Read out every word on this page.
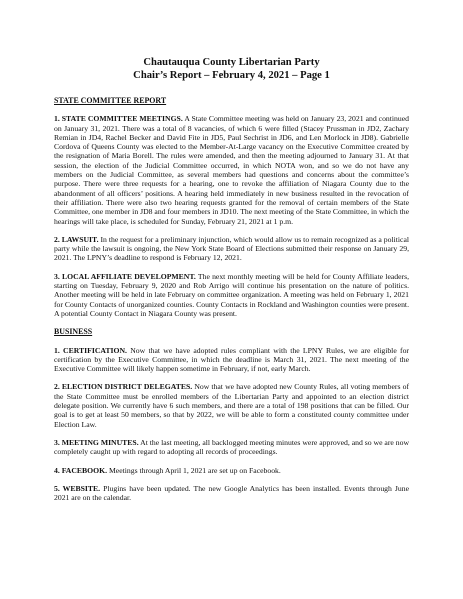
Chautauqua County Libertarian Party
Chair’s Report – February 4, 2021 – Page 1
STATE COMMITTEE REPORT

1. STATE COMMITTEE MEETINGS. A State Committee meeting was held on January 23, 2021 and continued on January 31, 2021. There was a total of 8 vacancies, of which 6 were filled (Stacey Prussman in JD2, Zachary Remian in JD4, Rachel Becker and David Fite in JD5, Paul Sechrist in JD6, and Len Morlock in JD8). Gabrielle Cordova of Queens County was elected to the Member-At-Large vacancy on the Executive Committee created by the resignation of Maria Borell. The rules were amended, and then the meeting adjourned to January 31. At that session, the election of the Judicial Committee occurred, in which NOTA won, and so we do not have any members on the Judicial Committee, as several members had questions and concerns about the committee’s purpose. There were three requests for a hearing, one to revoke the affiliation of Niagara County due to the abandonment of all officers’ positions. A hearing held immediately in new business resulted in the revocation of their affiliation. There were also two hearing requests granted for the removal of certain members of the State Committee, one member in JD8 and four members in JD10. The next meeting of the State Committee, in which the hearings will take place, is scheduled for Sunday, February 21, 2021 at 1 p.m.

2. LAWSUIT. In the request for a preliminary injunction, which would allow us to remain recognized as a political party while the lawsuit is ongoing, the New York State Board of Elections submitted their response on January 29, 2021. The LPNY’s deadline to respond is February 12, 2021.

3. LOCAL AFFILIATE DEVELOPMENT. The next monthly meeting will be held for County Affiliate leaders, starting on Tuesday, February 9, 2020 and Rob Arrigo will continue his presentation on the nature of politics. Another meeting will be held in late February on committee organization. A meeting was held on February 1, 2021 for County Contacts of unorganized counties. County Contacts in Rockland and Washington counties were present. A potential County Contact in Niagara County was present.

BUSINESS

1. CERTIFICATION. Now that we have adopted rules compliant with the LPNY Rules, we are eligible for certification by the Executive Committee, in which the deadline is March 31, 2021. The next meeting of the Executive Committee will likely happen sometime in February, if not, early March.

2. ELECTION DISTRICT DELEGATES. Now that we have adopted new County Rules, all voting members of the State Committee must be enrolled members of the Libertarian Party and appointed to an election district delegate position. We currently have 6 such members, and there are a total of 198 positions that can be filled. Our goal is to get at least 50 members, so that by 2022, we will be able to form a constituted county committee under Election Law.

3. MEETING MINUTES. At the last meeting, all backlogged meeting minutes were approved, and so we are now completely caught up with regard to adopting all records of proceedings.

4. FACEBOOK. Meetings through April 1, 2021 are set up on Facebook.

5. WEBSITE. Plugins have been updated. The new Google Analytics has been installed. Events through June 2021 are on the calendar.
